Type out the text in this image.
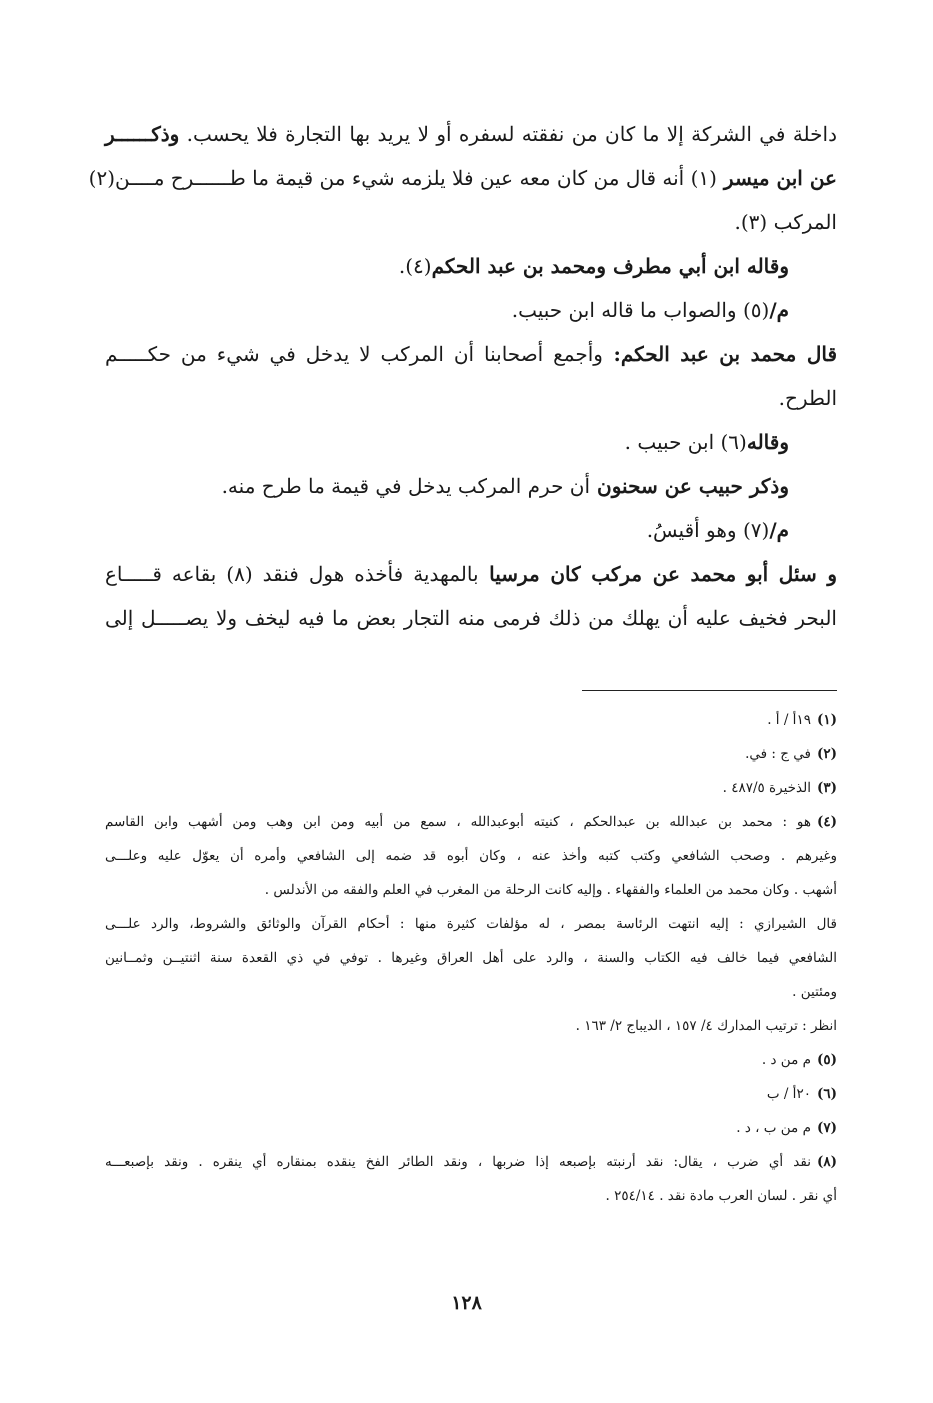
داخلة في الشركة إلا ما كان من نفقته لسفره أو لا يريد بها التجارة فلا يحسب. وذكــــــر
عن ابن ميسر (١) أنه قال من كان معه عين فلا يلزمه شيء من قيمة ما طــــــرح مــــن(٢)
المركب (٣).
وقاله ابن أبي مطرف ومحمد بن عبد الحكم(٤).
م/(٥) والصواب ما قاله ابن حبيب.
قال محمد بن عبد الحكم: وأجمع أصحابنا أن المركب لا يدخل في شيء من حكـــــم
الطرح.
وقاله(٦) ابن حبيب .
وذكر حبيب عن سحنون أن حرم المركب يدخل في قيمة ما طرح منه.
م/(٧) وهو أقيسُ.
و سئل أبو محمد عن مركب كان مرسيا بالمهدية فأخذه هول فنقد (٨) بقاعه قـــــاع
البحر فخيف عليه أن يهلك من ذلك فرمى منه التجار بعض ما فيه ليخف ولا يصـــــل إلى
(١)١٩أ / أ .
(٢)في ج : في.
(٣)الذخيرة ٤٨٧/٥ .
(٤)هو : محمد بن عبدالله بن عبدالحكم ، كنيته أبوعبدالله ، سمع من أبيه ومن ابن وهب ومن أشهب وابن القاسم
وغيرهم . وصحب الشافعي وكتب كتبه وأخذ عنه ، وكان أبوه قد ضمه إلى الشافعي وأمره أن يعوّل عليه وعلـــى
أشهب . وكان محمد من العلماء والفقهاء . وإليه كانت الرحلة من المغرب في العلم والفقه من الأندلس .
قال الشيرازي : إليه انتهت الرئاسة بمصر ، له مؤلفات كثيرة منها : أحكام القرآن والوثائق والشروط، والرد علـــى
الشافعي فيما خالف فيه الكتاب والسنة ، والرد على أهل العراق وغيرها . توفي في ذي القعدة سنة اثنتيــن وثمــانين
ومئتين .
انظر : ترتيب المدارك ٤/ ١٥٧ ، الديباج ٢/ ١٦٣ .
(٥)م من د .
(٦)٢٠أ / ب
(٧)م من ب ، د .
(٨)نقد أي ضرب ، يقال: نقد أرنبته بإصبعه إذا ضربها ، ونقد الطائر الفخ ينقده بمنقاره أي ينقره . ونقد بإصبعـــه
أي نقر . لسان العرب مادة نقد . ٢٥٤/١٤ .
١٢٨
